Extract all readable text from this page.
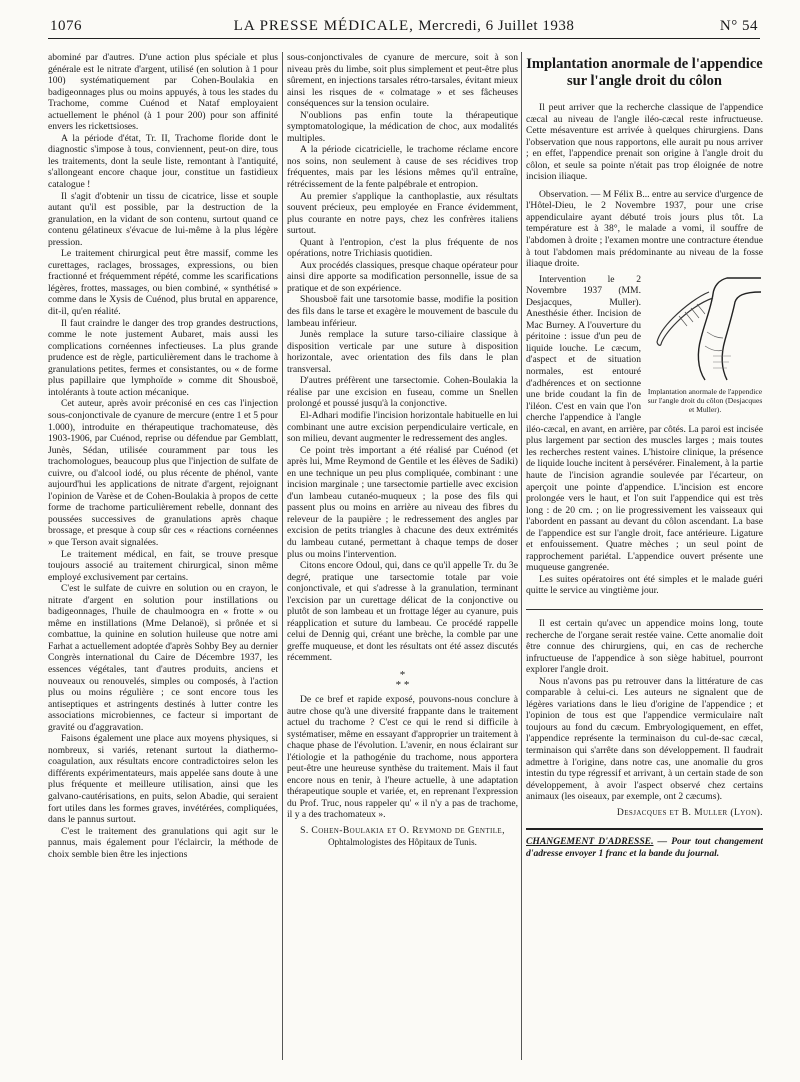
1076	LA PRESSE MÉDICALE, Mercredi, 6 Juillet 1938	N° 54

abominé par d'autres. D'une action plus spéciale et plus générale est le nitrate d'argent, utilisé (en solution à 1 pour 100) systématiquement par Cohen-Boulakia en badigeonnages plus ou moins appuyés, à tous les stades du Trachome, comme Cuénod et Nataf employaient actuellement le phénol (à 1 pour 200) pour son affinité envers les rickettsioses.

A la période d'état, Tr. II, Trachome floride dont le diagnostic s'impose à tous, conviennent, peut-on dire, tous les traitements, dont la seule liste, remontant à l'antiquité, s'allongeant encore chaque jour, constitue un fastidieux catalogue !

Il s'agit d'obtenir un tissu de cicatrice, lisse et souple autant qu'il est possible, par la destruction de la granulation, en la vidant de son contenu, surtout quand ce contenu gélatineux s'évacue de lui-même à la plus légère pression.

Le traitement chirurgical peut être massif, comme les curettages, raclages, brossages, expressions, ou bien fractionné et fréquemment répété, comme les scarifications légères, frottes, massages, ou bien combiné, « synthétisé » comme dans le Xysis de Cuénod, plus brutal en apparence, dit-il, qu'en réalité.

Il faut craindre le danger des trop grandes destructions, comme le note justement Aubaret, mais aussi les complications cornéennes infectieuses. La plus grande prudence est de règle, particulièrement dans le trachome à granulations petites, fermes et consistantes, ou « de forme plus papillaire que lymphoïde » comme dit Shousboë, intolérants à toute action mécanique.

Cet auteur, après avoir préconisé en ces cas l'injection sous-conjonctivale de cyanure de mercure (entre 1 et 5 pour 1.000), introduite en thérapeutique trachomateuse, dès 1903-1906, par Cuénod, reprise ou défendue par Gemblatt, Junès, Sédan, utilisée couramment par tous les trachomologues, beaucoup plus que l'injection de sulfate de cuivre, ou d'alcool iodé, ou plus récente de phénol, vante aujourd'hui les applications de nitrate d'argent, rejoignant l'opinion de Varèse et de Cohen-Boulakia à propos de cette forme de trachome particulièrement rebelle, donnant des poussées successives de granulations après chaque brossage, et presque à coup sûr ces « réactions cornéennes » que Terson avait signalées.

Le traitement médical, en fait, se trouve presque toujours associé au traitement chirurgical, sinon même employé exclusivement par certains.

C'est le sulfate de cuivre en solution ou en crayon, le nitrate d'argent en solution pour instillations ou badigeonnages, l'huile de chaulmoogra en « frotte » ou même en instillations (Mme Delanoë), si prônée et si combattue, la quinine en solution huileuse que notre ami Farhat a actuellement adoptée d'après Sohby Bey au dernier Congrès international du Caire de Décembre 1937, les essences végétales, tant d'autres produits, anciens et nouveaux ou renouvelés, simples ou composés, à l'action plus ou moins régulière ; ce sont encore tous les antiseptiques et astringents destinés à lutter contre les associations microbiennes, ce facteur si important de gravité ou d'aggravation.

Faisons également une place aux moyens physiques, si nombreux, si variés, retenant surtout la diathermo-coagulation, aux résultats encore contradictoires selon les différents expérimentateurs, mais appelée sans doute à une plus fréquente et meilleure utilisation, ainsi que les galvano-cautérisations, en puits, selon Abadie, qui seraient fort utiles dans les formes graves, invétérées, compliquées, dans le pannus surtout.

C'est le traitement des granulations qui agit sur le pannus, mais également pour l'éclaircir, la méthode de choix semble bien être les injections

sous-conjonctivales de cyanure de mercure, soit à son niveau près du limbe, soit plus simplement et peut-être plus sûrement, en injections tarsales rétro-tarsales, évitant mieux ainsi les risques de « colmatage » et ses fâcheuses conséquences sur la tension oculaire.

N'oublions pas enfin toute la thérapeutique symptomatologique, la médication de choc, aux modalités multiples.

A la période cicatricielle, le trachome réclame encore nos soins, non seulement à cause de ses récidives trop fréquentes, mais par les lésions mêmes qu'il entraîne, rétrécissement de la fente palpébrale et entropion.

Au premier s'applique la canthoplastie, aux résultats souvent précieux, peu employée en France évidemment, plus courante en notre pays, chez les confrères italiens surtout.

Quant à l'entropion, c'est la plus fréquente de nos opérations, notre Trichiasis quotidien.

Aux procédés classiques, presque chaque opérateur pour ainsi dire apporte sa modification personnelle, issue de sa pratique et de son expérience.

Shousboë fait une tarsotomie basse, modifie la position des fils dans le tarse et exagère le mouvement de bascule du lambeau inférieur.

Junès remplace la suture tarso-ciliaire classique à disposition verticale par une suture à disposition horizontale, avec orientation des fils dans le plan transversal.

D'autres préfèrent une tarsectomie. Cohen-Boulakia la réalise par une excision en fuseau, comme un Snellen prolongé et poussé jusqu'à la conjonctive.

El-Adhari modifie l'incision horizontale habituelle en lui combinant une autre excision perpendiculaire verticale, en son milieu, devant augmenter le redressement des angles.

Ce point très important a été réalisé par Cuénod (et après lui, Mme Reymond de Gentile et les élèves de Sadiki) en une technique un peu plus compliquée, combinant : une incision marginale ; une tarsectomie partielle avec excision d'un lambeau cutanéo-muqueux ; la pose des fils qui passent plus ou moins en arrière au niveau des fibres du releveur de la paupière ; le redressement des angles par excision de petits triangles à chacune des deux extrémités du lambeau cutané, permettant à chaque temps de doser plus ou moins l'intervention.

Citons encore Odoul, qui, dans ce qu'il appelle Tr. du 3e degré, pratique une tarsectomie totale par voie conjonctivale, et qui s'adresse à la granulation, terminant l'excision par un curettage délicat de la conjonctive ou plutôt de son lambeau et un frottage léger au cyanure, puis réapplication et suture du lambeau. Ce procédé rappelle celui de Dennig qui, créant une brèche, la comble par une greffe muqueuse, et dont les résultats ont été assez discutés récemment.

*
* *

De ce bref et rapide exposé, pouvons-nous conclure à autre chose qu'à une diversité frappante dans le traitement actuel du trachome ? C'est ce qui le rend si difficile à systématiser, même en essayant d'approprier un traitement à chaque phase de l'évolution. L'avenir, en nous éclairant sur l'étiologie et la pathogénie du trachome, nous apportera peut-être une heureuse synthèse du traitement. Mais il faut encore nous en tenir, à l'heure actuelle, à une adaptation thérapeutique souple et variée, et, en reprenant l'expression du Prof. Truc, nous rappeler qu' « il n'y a pas de trachome, il y a des trachomateux ».

S. Cohen-Boulakia et O. Reymond de Gentile,

Ophtalmologistes des Hôpitaux de Tunis.

Implantation anormale de l'appendice
sur l'angle droit du côlon

Il peut arriver que la recherche classique de l'appendice cæcal au niveau de l'angle iléo-cæcal reste infructueuse. Cette mésaventure est arrivée à quelques chirurgiens. Dans l'observation que nous rapportons, elle aurait pu nous arriver ; en effet, l'appendice prenait son origine à l'angle droit du côlon, et seule sa pointe n'était pas trop éloignée de notre incision iliaque.

Observation. — M Félix B... entre au service d'urgence de l'Hôtel-Dieu, le 2 Novembre 1937, pour une crise appendiculaire ayant débuté trois jours plus tôt. La température est à 38°, le malade a vomi, il souffre de l'abdomen à droite ; l'examen montre une contracture étendue à tout l'abdomen mais prédominante au niveau de la fosse iliaque droite.

Implantation anormale de l'appendice sur l'angle droit du côlon (Desjacques et Muller).

Intervention le 2 Novembre 1937 (MM. Desjacques, Muller). Anesthésie éther. Incision de Mac Burney. A l'ouverture du péritoine : issue d'un peu de liquide louche. Le cæcum, d'aspect et de situation normales, est entouré d'adhérences et on sectionne une bride coudant la fin de l'iléon. C'est en vain que l'on cherche l'appendice à l'angle iléo-cæcal, en avant, en arrière, par côtés. La paroi est incisée plus largement par section des muscles larges ; mais toutes les recherches restent vaines. L'histoire clinique, la présence de liquide louche incitent à persévérer. Finalement, à la partie haute de l'incision agrandie soulevée par l'écarteur, on aperçoit une pointe d'appendice. L'incision est encore prolongée vers le haut, et l'on suit l'appendice qui est très long : de 20 cm. ; on lie progressivement les vaisseaux qui l'abordent en passant au devant du côlon ascendant. La base de l'appendice est sur l'angle droit, face antérieure. Ligature et enfouissement. Quatre mèches ; un seul point de rapprochement pariétal. L'appendice ouvert présente une muqueuse gangrenée.

Les suites opératoires ont été simples et le malade guéri quitte le service au vingtième jour.

Il est certain qu'avec un appendice moins long, toute recherche de l'organe serait restée vaine. Cette anomalie doit être connue des chirurgiens, qui, en cas de recherche infructueuse de l'appendice à son siège habituel, pourront explorer l'angle droit.

Nous n'avons pas pu retrouver dans la littérature de cas comparable à celui-ci. Les auteurs ne signalent que de légères variations dans le lieu d'origine de l'appendice ; et l'opinion de tous est que l'appendice vermiculaire naît toujours au fond du cæcum. Embryologiquement, en effet, l'appendice représente la terminaison du cul-de-sac cæcal, terminaison qui s'arrête dans son développement. Il faudrait admettre à l'origine, dans notre cas, une anomalie du gros intestin du type régressif et arrivant, à un certain stade de son développement, à avoir l'aspect observé chez certains animaux (les oiseaux, par exemple, ont 2 cæcums).

Desjacques et B. Muller (Lyon).

CHANGEMENT D'ADRESSE. — Pour tout changement d'adresse envoyer 1 franc et la bande du journal.
